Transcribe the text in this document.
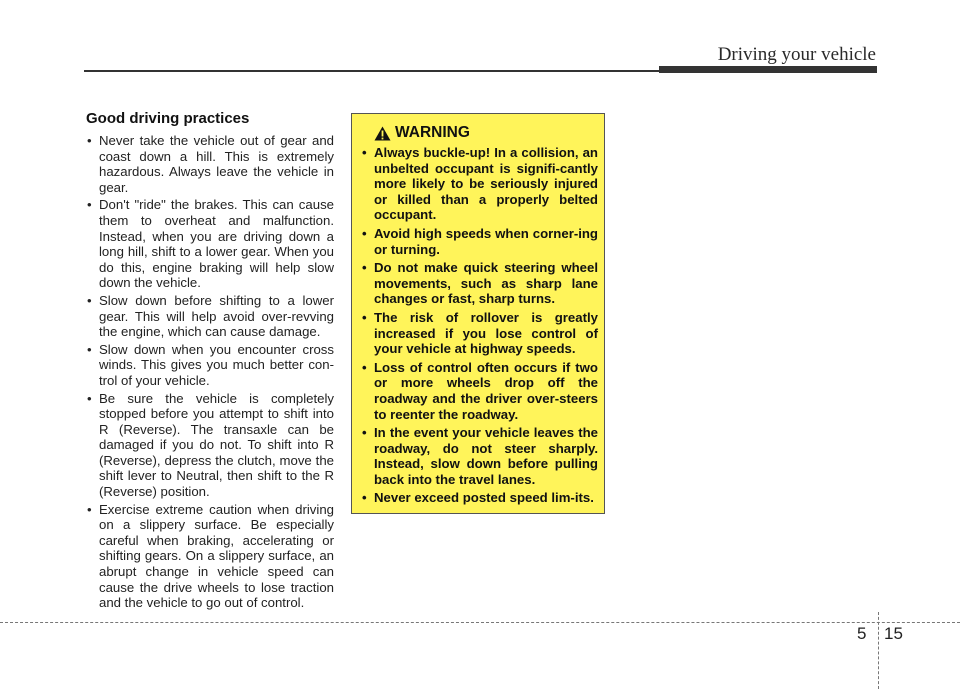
Driving your vehicle
Good driving practices
• Never take the vehicle out of gear and coast down a hill. This is extremely hazardous. Always leave the vehicle in gear.
• Don't "ride" the brakes. This can cause them to overheat and malfunction. Instead, when you are driving down a long hill, shift to a lower gear. When you do this, engine braking will help slow down the vehicle.
• Slow down before shifting to a lower gear. This will help avoid over-revving the engine, which can cause damage.
• Slow down when you encounter cross winds. This gives you much better con-trol of your vehicle.
• Be sure the vehicle is completely stopped before you attempt to shift into R (Reverse). The transaxle can be damaged if you do not. To shift into R (Reverse), depress the clutch, move the shift lever to Neutral, then shift to the R (Reverse) position.
• Exercise extreme caution when driving on a slippery surface. Be especially careful when braking, accelerating or shifting gears. On a slippery surface, an abrupt change in vehicle speed can cause the drive wheels to lose traction and the vehicle to go out of control.
WARNING
• Always buckle-up! In a collision, an unbelted occupant is signifi-cantly more likely to be seriously injured or killed than a properly belted occupant.
• Avoid high speeds when corner-ing or turning.
• Do not make quick steering wheel movements, such as sharp lane changes or fast, sharp turns.
• The risk of rollover is greatly increased if you lose control of your vehicle at highway speeds.
• Loss of control often occurs if two or more wheels drop off the roadway and the driver over-steers to reenter the roadway.
• In the event your vehicle leaves the roadway, do not steer sharply. Instead, slow down before pulling back into the travel lanes.
• Never exceed posted speed lim-its.
5 15
